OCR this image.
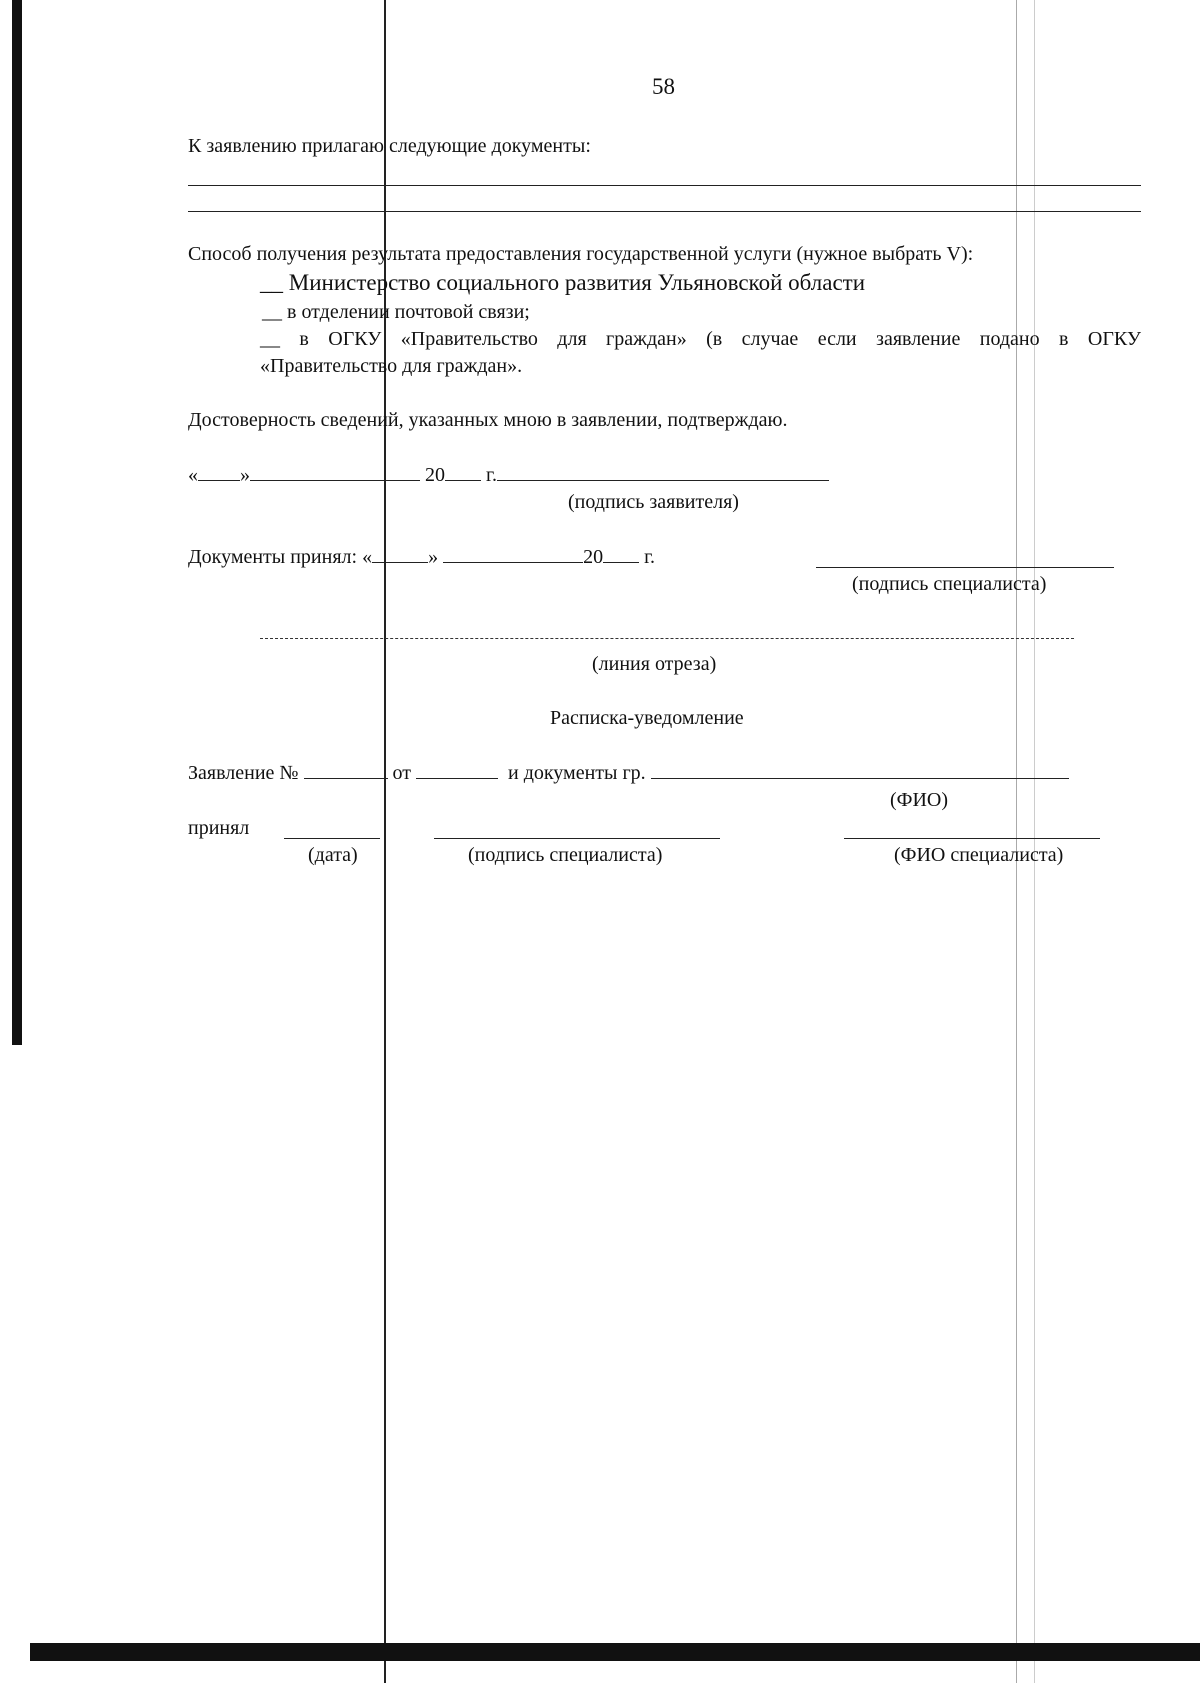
58
К заявлению прилагаю следующие документы:
Способ получения результата предоставления государственной услуги (нужное выбрать V):
__ Министерство социального развития Ульяновской области
__ в отделении почтовой связи;
__ в ОГКУ «Правительство для граждан» (в случае если заявление подано в ОГКУ
«Правительство для граждан».
Достоверность сведений, указанных мною в заявлении, подтверждаю.
« »	20 г.
(подпись заявителя)
Документы принял: «	»	20 г.
(подпись специалиста)
(линия отреза)
Расписка-уведомление
Заявление №	от	и документы гр.
(ФИО)
принял
(дата)	(подпись специалиста)	(ФИО специалиста)
